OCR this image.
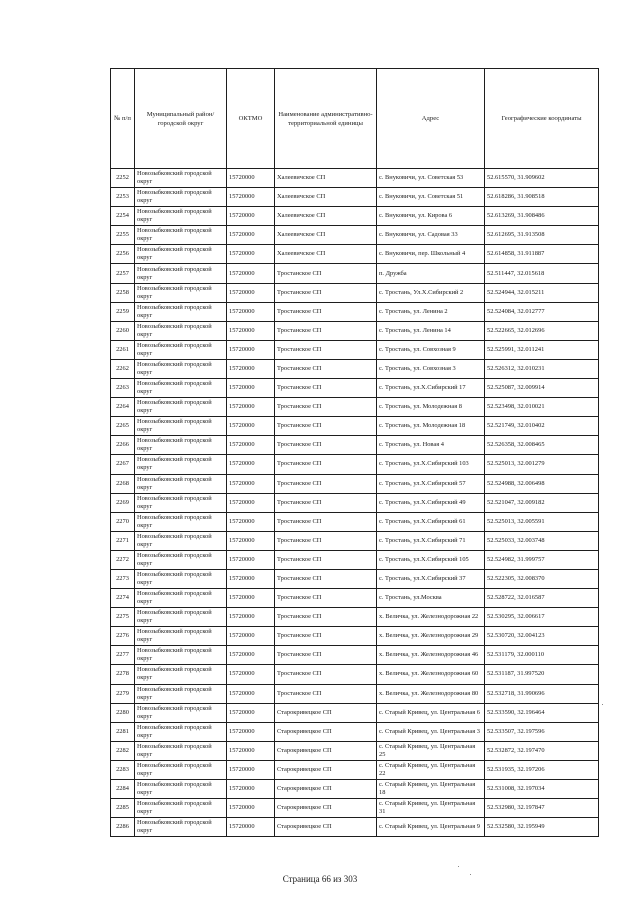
№ п/п	Муниципальный район/городской округ	ОКТМО	Наименование административно-территориальной единицы	Адрес	Географические координаты
2252	Новозыбковский городской округ	15720000	Халеевичское СП	с. Внуковичи, ул. Советская 53	52.615570, 31.909602
2253	Новозыбковский городской округ	15720000	Халеевичское СП	с. Внуковичи, ул. Советская 51	52.618286, 31.908518
2254	Новозыбковский городской округ	15720000	Халеевичское СП	с. Внуковичи, ул. Кирова 6	52.613269, 31.908486
2255	Новозыбковский городской округ	15720000	Халеевичское СП	с. Внуковичи, ул. Садовая 33	52.612695, 31.913508
2256	Новозыбковский городской округ	15720000	Халеевичское СП	с. Внуковичи, пер. Школьный 4	52.614858, 31.911887
2257	Новозыбковский городской округ	15720000	Тростанское СП	п. Дружба	52.511447, 32.015618
2258	Новозыбковский городской округ	15720000	Тростанское СП	с. Тростань, Ул.Х.Сибирский 2	52.524944, 32.015211
2259	Новозыбковский городской округ	15720000	Тростанское СП	с. Тростань, ул. Ленина 2	52.524084, 32.012777
2260	Новозыбковский городской округ	15720000	Тростанское СП	с. Тростань, ул. Ленина 14	52.522665, 32.012696
2261	Новозыбковский городской округ	15720000	Тростанское СП	с. Тростань, ул. Совхозная 9	52.525991, 32.011241
2262	Новозыбковский городской округ	15720000	Тростанское СП	с. Тростань, ул. Совхозная 3	52.526312, 32.010231
2263	Новозыбковский городской округ	15720000	Тростанское СП	с. Тростань, ул.Х.Сибирский 17	52.525087, 32.009914
2264	Новозыбковский городской округ	15720000	Тростанское СП	с. Тростань, ул. Молодежная 8	52.523498, 32.010021
2265	Новозыбковский городской округ	15720000	Тростанское СП	с. Тростань, ул. Молодежная 18	52.521749, 32.010402
2266	Новозыбковский городской округ	15720000	Тростанское СП	с. Тростань, ул. Новая 4	52.526358, 32.008465
2267	Новозыбковский городской округ	15720000	Тростанское СП	с. Тростань, ул.Х.Сибирский 103	52.525013, 32.001279
2268	Новозыбковский городской округ	15720000	Тростанское СП	с. Тростань, ул.Х.Сибирский 57	52.524988, 32.006498
2269	Новозыбковский городской округ	15720000	Тростанское СП	с. Тростань, ул.Х.Сибирский 49	52.521047, 32.009182
2270	Новозыбковский городской округ	15720000	Тростанское СП	с. Тростань, ул.Х.Сибирский 61	52.525013, 32.005591
2271	Новозыбковский городской округ	15720000	Тростанское СП	с. Тростань, ул.Х.Сибирский 71	52.525033, 32.003748
2272	Новозыбковский городской округ	15720000	Тростанское СП	с. Тростань, ул.Х.Сибирский 105	52.524982, 31.999757
2273	Новозыбковский городской округ	15720000	Тростанское СП	с. Тростань, ул.Х.Сибирский 37	52.522305, 32.008370
2274	Новозыбковский городской округ	15720000	Тростанское СП	с. Тростань, ул.Москва	52.528722, 32.016587
2275	Новозыбковский городской округ	15720000	Тростанское СП	х. Величка, ул. Железнодорожная 22	52.530295, 32.006617
2276	Новозыбковский городской округ	15720000	Тростанское СП	х. Величка, ул. Железнодорожная 29	52.530720, 32.004123
2277	Новозыбковский городской округ	15720000	Тростанское СП	х. Величка, ул. Железнодорожная 46	52.531179, 32.000110
2278	Новозыбковский городской округ	15720000	Тростанское СП	х. Величка, ул. Железнодорожная 60	52.531187, 31.997520
2279	Новозыбковский городской округ	15720000	Тростанское СП	х. Величка, ул. Железнодорожная 80	52.532718, 31.990696
2280	Новозыбковский городской округ	15720000	Старокривецкое СП	с. Старый Кривец, ул. Центральная 6	52.533590, 32.196464
2281	Новозыбковский городской округ	15720000	Старокривецкое СП	с. Старый Кривец, ул. Центральная 3	52.533507, 32.197596
2282	Новозыбковский городской округ	15720000	Старокривецкое СП	с. Старый Кривец, ул. Центральная 25	52.532872, 32.197470
2283	Новозыбковский городской округ	15720000	Старокривецкое СП	с. Старый Кривец, ул. Центральная 22	52.531935, 32.197206
2284	Новозыбковский городской округ	15720000	Старокривецкое СП	с. Старый Кривец, ул. Центральная 18	52.531008, 32.197034
2285	Новозыбковский городской округ	15720000	Старокривецкое СП	с. Старый Кривец, ул. Центральная 31	52.532980, 32.197847
2286	Новозыбковский городской округ	15720000	Старокривецкое СП	с. Старый Кривец, ул. Центральная 9	52.532580, 32.195949
Страница 66 из 303
